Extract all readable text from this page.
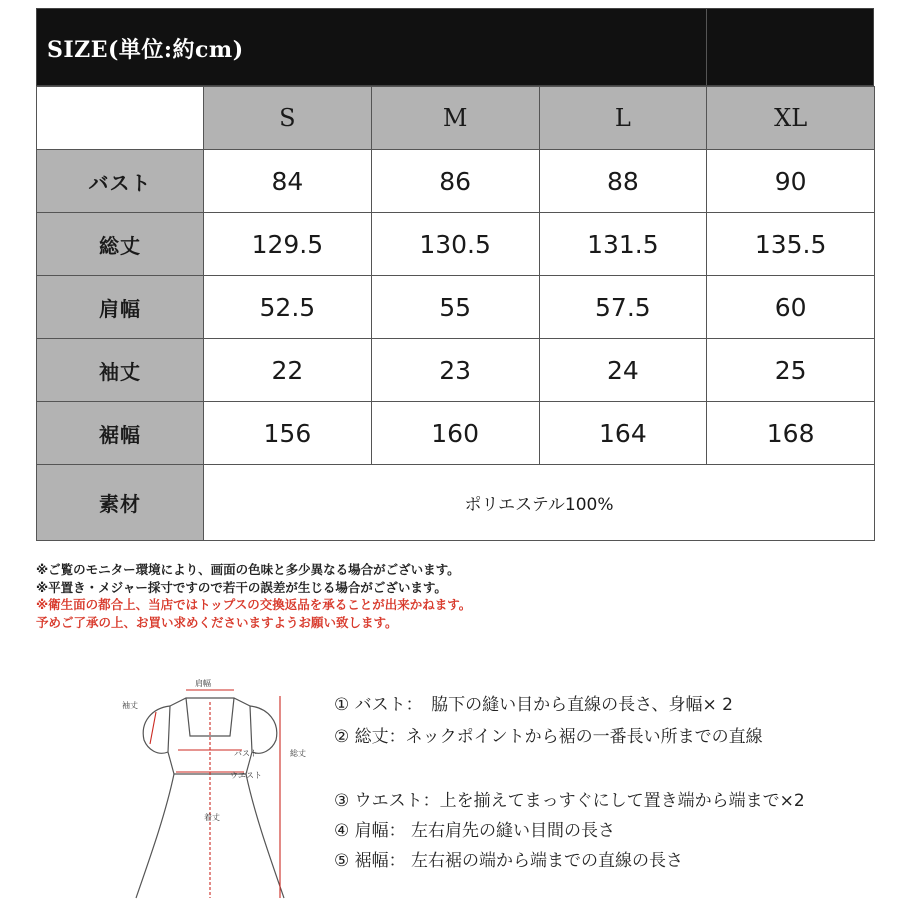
SIZE(単位:約cm)
	S	M	L	XL
バスト	84	86	88	90
総丈	129.5	130.5	131.5	135.5
肩幅	52.5	55	57.5	60
袖丈	22	23	24	25
裾幅	156	160	164	168
素材	ポリエステル100%			
※ご覧のモニター環境により、画面の色味と多少異なる場合がございます。
※平置き・メジャー採寸ですので若干の誤差が生じる場合がございます。
※衛生面の都合上、当店ではトップスの交換返品を承ることが出来かねます。
予めご了承の上、お買い求めくださいますようお願い致します。
肩幅
袖丈
バスト
ウエスト
総丈
着丈
① バスト：　脇下の縫い目から直線の長さ、身幅× 2
② 総丈：ネックポイントから裾の一番長い所までの直線
③ ウエスト：上を揃えてまっすぐにして置き端から端まで×2
④ 肩幅： 左右肩先の縫い目間の長さ
⑤ 裾幅： 左右裾の端から端までの直線の長さ
